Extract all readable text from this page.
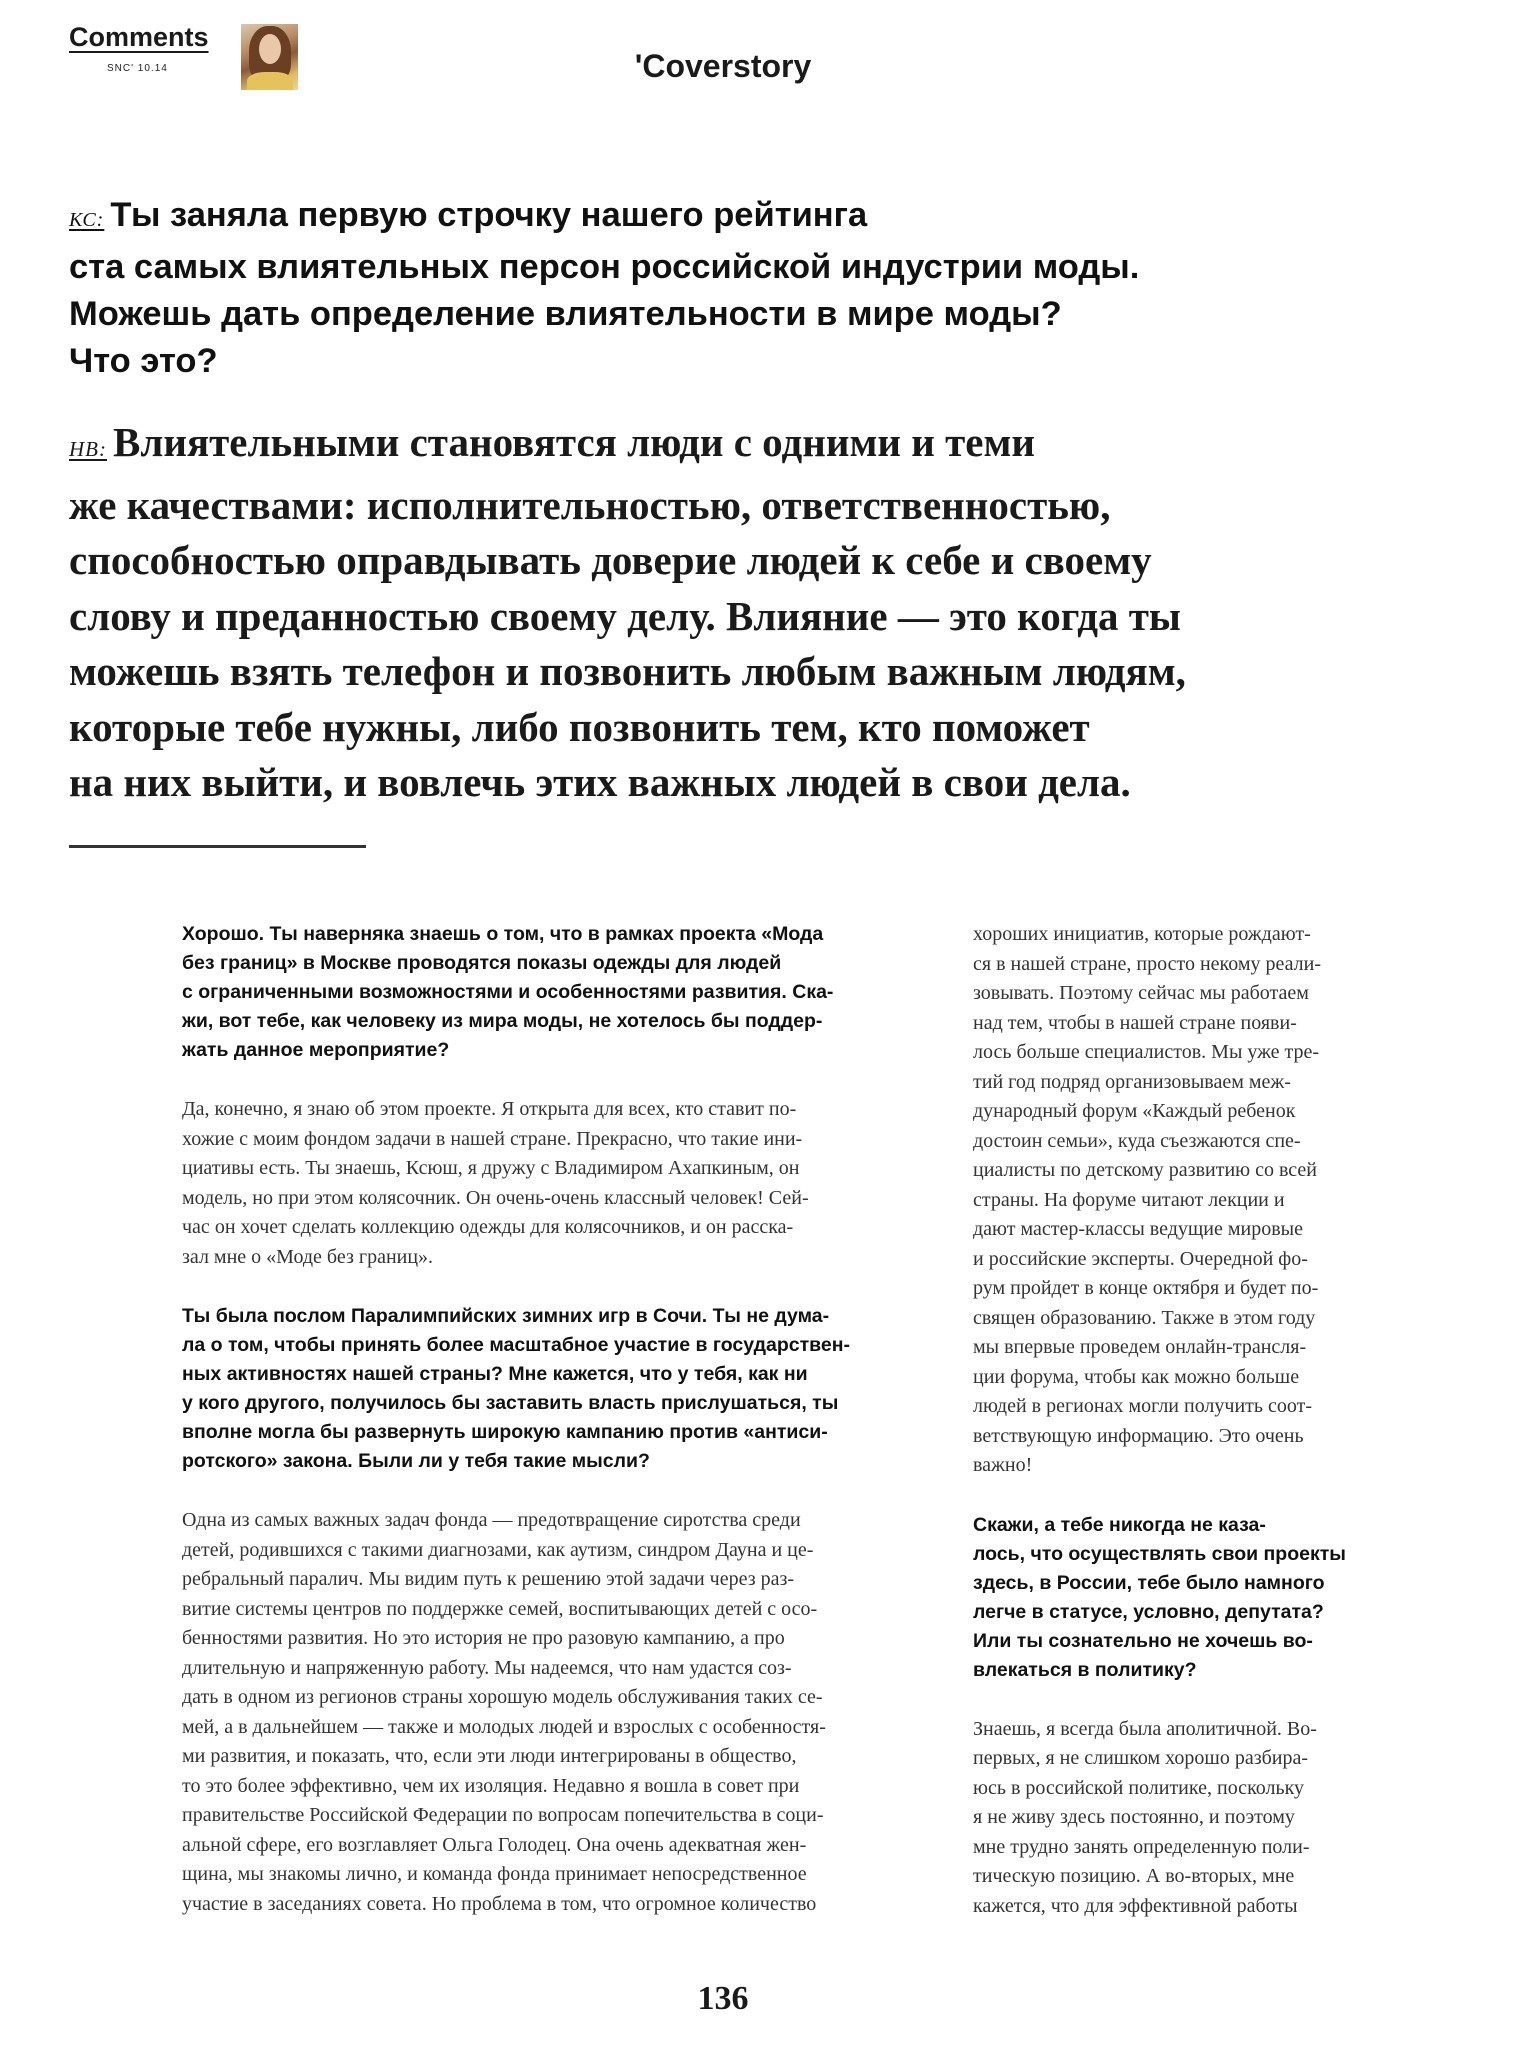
Comments
SNC' 10.14	'Coverstory
КС: Ты заняла первую строчку нашего рейтинга
ста самых влиятельных персон российской индустрии моды.
Можешь дать определение влиятельности в мире моды?
Что это?
НВ: Влиятельными становятся люди с одними и теми
же качествами: исполнительностью, ответственностью,
способностью оправдывать доверие людей к себе и своему
слову и преданностью своему делу. Влияние — это когда ты
можешь взять телефон и позвонить любым важным людям,
которые тебе нужны, либо позвонить тем, кто поможет
на них выйти, и вовлечь этих важных людей в свои дела.

Хорошо. Ты наверняка знаешь о том, что в рамках проекта «Мода
без границ» в Москве проводятся показы одежды для людей
с ограниченными возможностями и особенностями развития. Ска-
жи, вот тебе, как человеку из мира моды, не хотелось бы поддер-
жать данное мероприятие?

Да, конечно, я знаю об этом проекте. Я открыта для всех, кто ставит по-
хожие с моим фондом задачи в нашей стране. Прекрасно, что такие ини-
циативы есть. Ты знаешь, Ксюш, я дружу с Владимиром Ахапкиным, он
модель, но при этом колясочник. Он очень-очень классный человек! Сей-
час он хочет сделать коллекцию одежды для колясочников, и он расска-
зал мне о «Моде без границ».

Ты была послом Паралимпийских зимних игр в Сочи. Ты не дума-
ла о том, чтобы принять более масштабное участие в государствен-
ных активностях нашей страны? Мне кажется, что у тебя, как ни
у кого другого, получилось бы заставить власть прислушаться, ты
вполне могла бы развернуть широкую кампанию против «антиси-
ротского» закона. Были ли у тебя такие мысли?

Одна из самых важных задач фонда — предотвращение сиротства среди
детей, родившихся с такими диагнозами, как аутизм, синдром Дауна и це-
ребральный паралич. Мы видим путь к решению этой задачи через раз-
витие системы центров по поддержке семей, воспитывающих детей с осо-
бенностями развития. Но это история не про разовую кампанию, а про
длительную и напряженную работу. Мы надеемся, что нам удастся соз-
дать в одном из регионов страны хорошую модель обслуживания таких се-
мей, а в дальнейшем — также и молодых людей и взрослых с особенностя-
ми развития, и показать, что, если эти люди интегрированы в общество,
то это более эффективно, чем их изоляция. Недавно я вошла в совет при
правительстве Российской Федерации по вопросам попечительства в соци-
альной сфере, его возглавляет Ольга Голодец. Она очень адекватная жен-
щина, мы знакомы лично, и команда фонда принимает непосредственное
участие в заседаниях совета. Но проблема в том, что огромное количество

хороших инициатив, которые рождают-
ся в нашей стране, просто некому реали-
зовывать. Поэтому сейчас мы работаем
над тем, чтобы в нашей стране появи-
лось больше специалистов. Мы уже тре-
тий год подряд организовываем меж-
дународный форум «Каждый ребенок
достоин семьи», куда съезжаются спе-
циалисты по детскому развитию со всей
страны. На форуме читают лекции и
дают мастер-классы ведущие мировые
и российские эксперты. Очередной фо-
рум пройдет в конце октября и будет по-
священ образованию. Также в этом году
мы впервые проведем онлайн-трансля-
ции форума, чтобы как можно больше
людей в регионах могли получить соот-
ветствующую информацию. Это очень
важно!

Скажи, а тебе никогда не каза-
лось, что осуществлять свои проекты
здесь, в России, тебе было намного
легче в статусе, условно, депутата?
Или ты сознательно не хочешь во-
влекаться в политику?

Знаешь, я всегда была аполитичной. Во-
первых, я не слишком хорошо разбира-
юсь в российской политике, поскольку
я не живу здесь постоянно, и поэтому
мне трудно занять определенную поли-
тическую позицию. А во-вторых, мне
кажется, что для эффективной работы

136
